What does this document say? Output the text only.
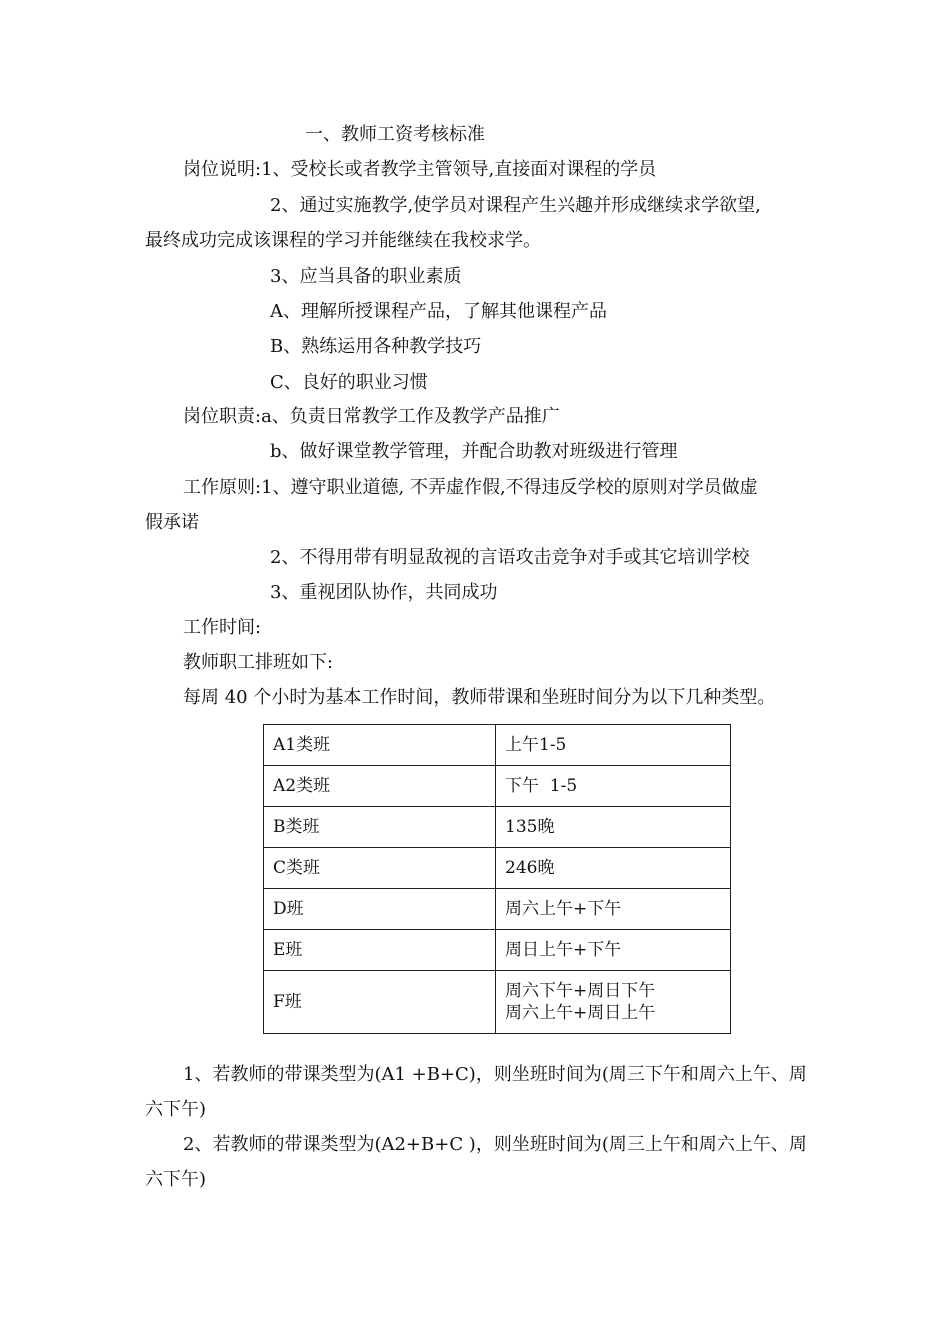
一、教师工资考核标准
岗位说明:1、受校长或者教学主管领导,直接面对课程的学员
2、通过实施教学,使学员对课程产生兴趣并形成继续求学欲望,
最终成功完成该课程的学习并能继续在我校求学。
3、应当具备的职业素质
A、理解所授课程产品，了解其他课程产品
B、熟练运用各种教学技巧
C、良好的职业习惯
岗位职责:a、负责日常教学工作及教学产品推广
b、做好课堂教学管理，并配合助教对班级进行管理
工作原则:1、遵守职业道德, 不弄虚作假,不得违反学校的原则对学员做虚
假承诺
2、不得用带有明显敌视的言语攻击竞争对手或其它培训学校
3、重视团队协作，共同成功
工作时间:
教师职工排班如下:
每周 40 个小时为基本工作时间，教师带课和坐班时间分为以下几种类型。
A1类班	上午1-5
A2类班	下午  1-5
B类班	135晚
C类班	246晚
D班	周六上午+下午
E班	周日上午+下午
F班	周六下午+周日下午
周六上午+周日上午
1、若教师的带课类型为(A1 +B+C)，则坐班时间为(周三下午和周六上午、周
六下午)
2、若教师的带课类型为(A2+B+C )，则坐班时间为(周三上午和周六上午、周
六下午)
